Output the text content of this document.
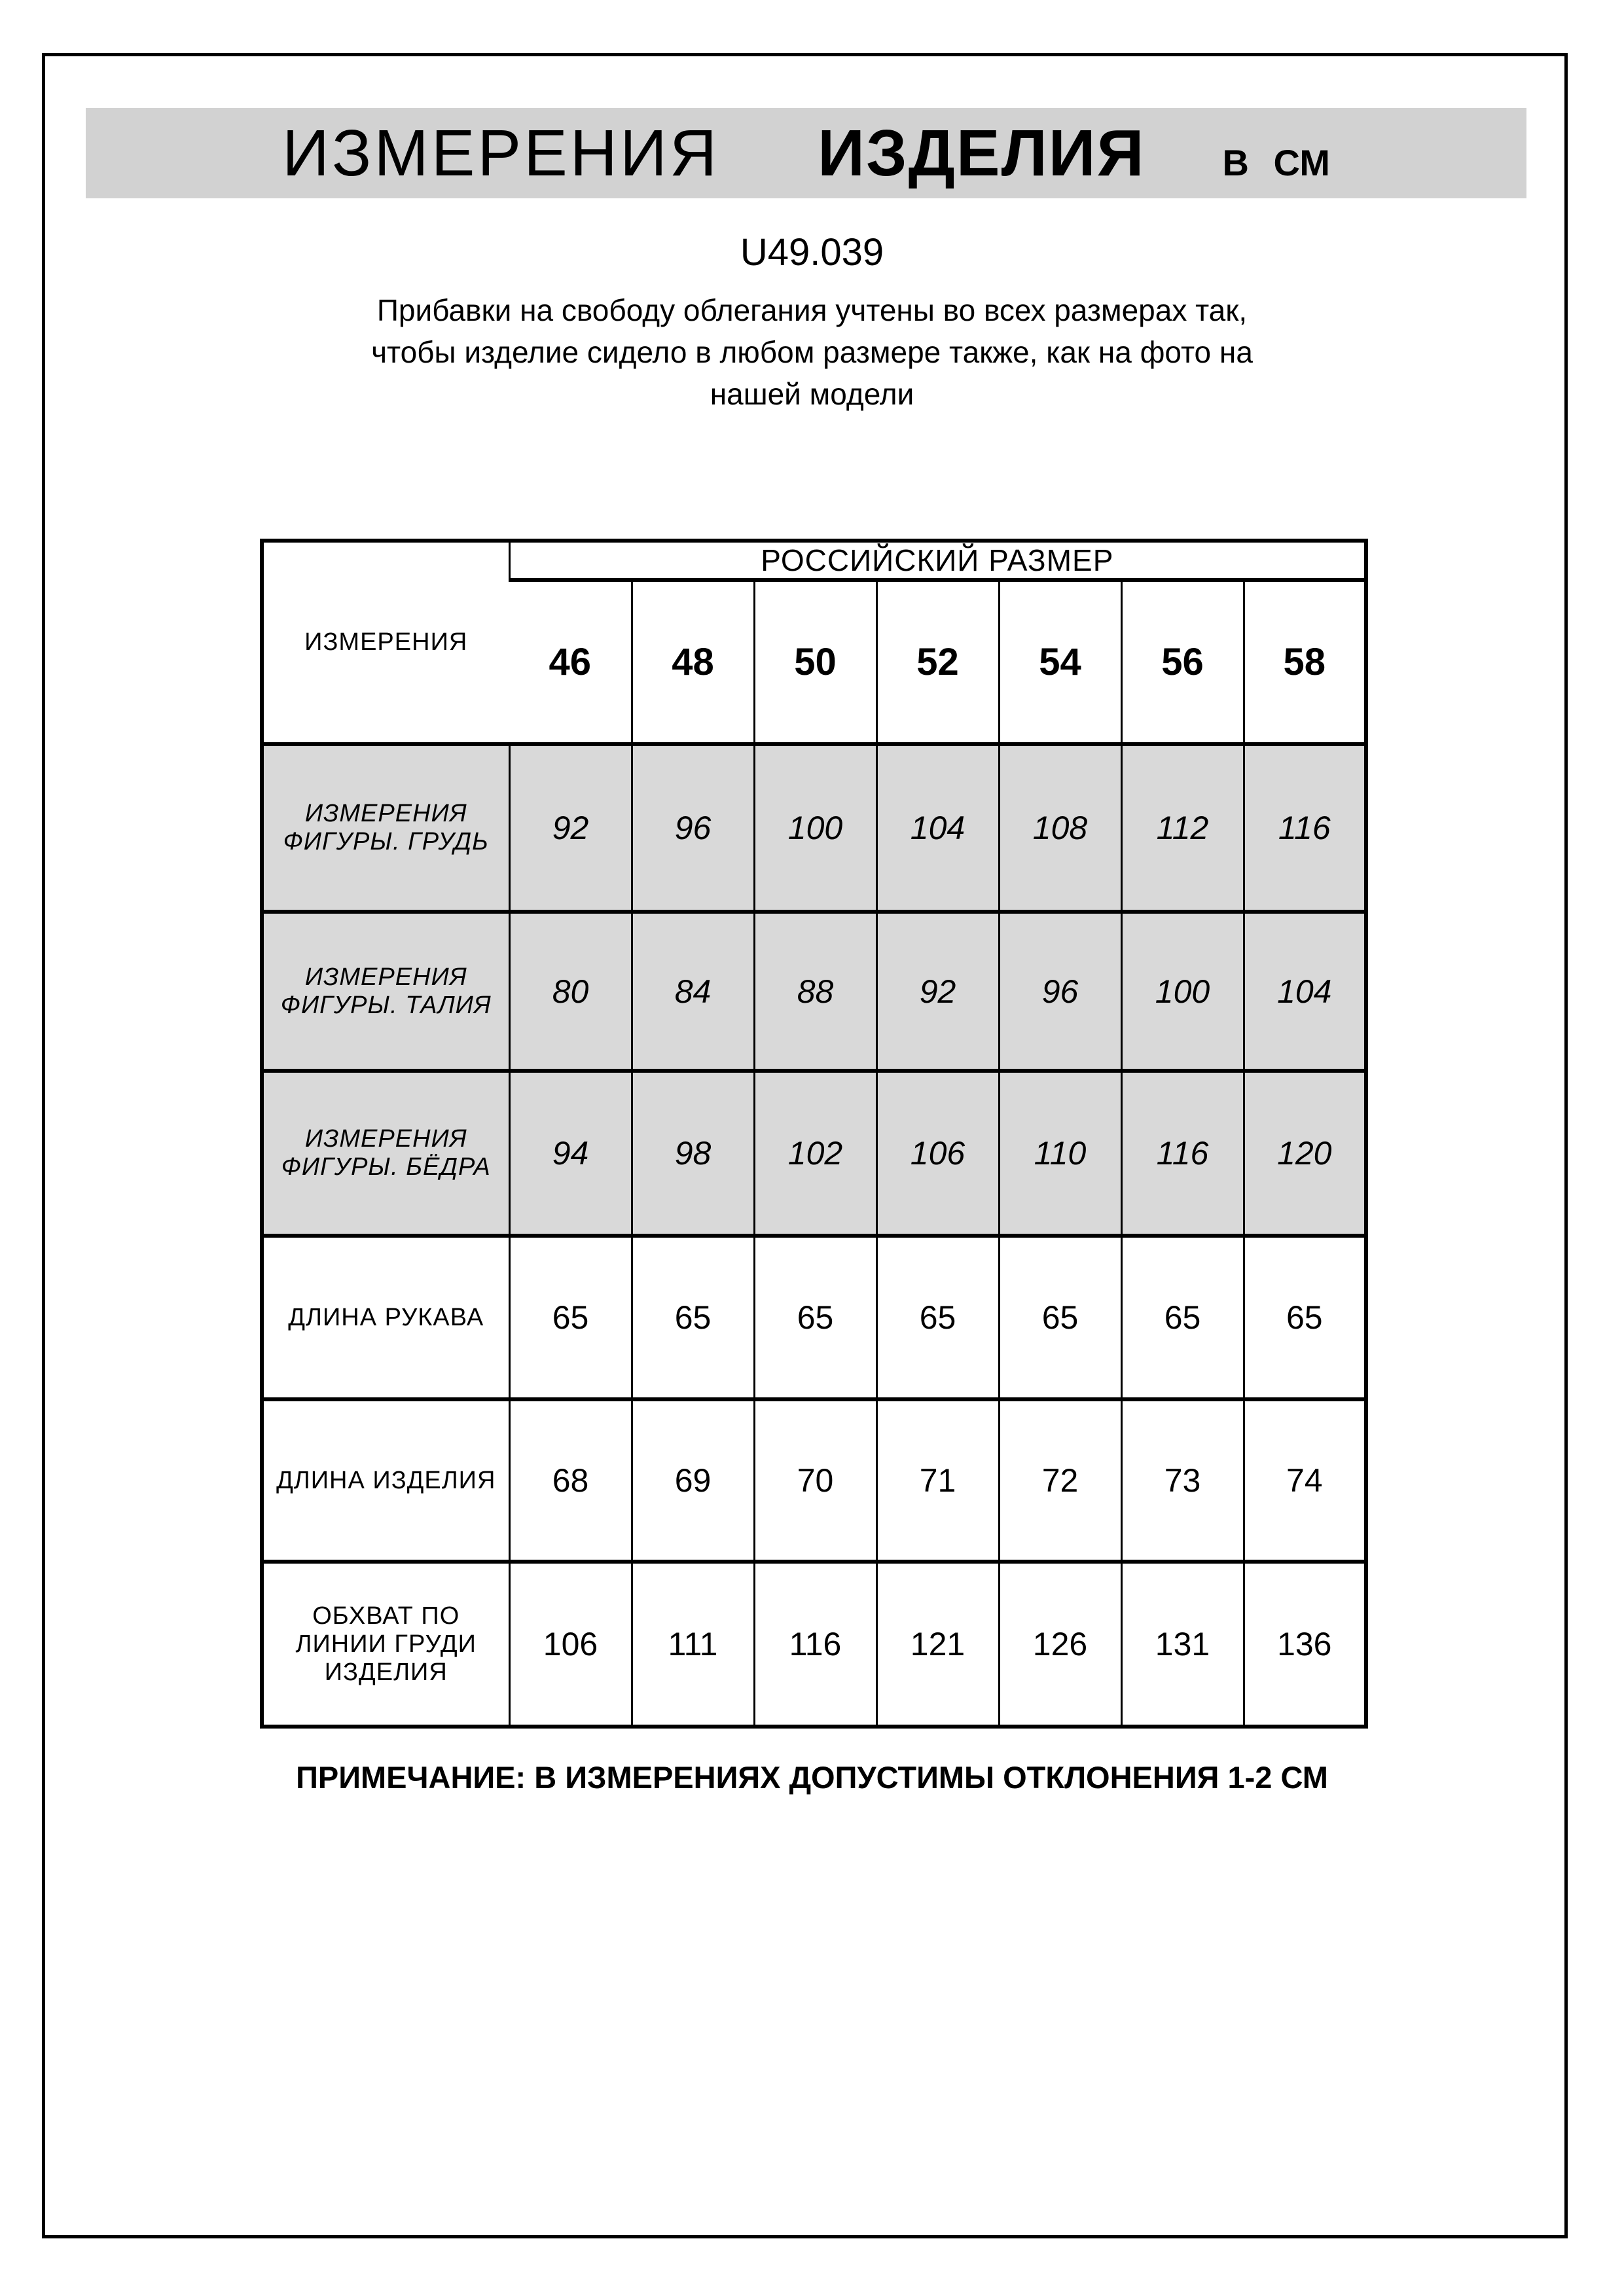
ИЗМЕРЕНИЯ ИЗДЕЛИЯ В СМ
U49.039
Прибавки на свободу облегания учтены во всех размерах так,
чтобы изделие сидело в любом размере также, как на фото на
нашей модели
ИЗМЕРЕНИЯ	РОССИЙСКИЙ РАЗМЕР						
	46	48	50	52	54	56	58
ИЗМЕРЕНИЯ ФИГУРЫ. ГРУДЬ	92	96	100	104	108	112	116
ИЗМЕРЕНИЯ ФИГУРЫ. ТАЛИЯ	80	84	88	92	96	100	104
ИЗМЕРЕНИЯ ФИГУРЫ. БЁДРА	94	98	102	106	110	116	120
ДЛИНА РУКАВА	65	65	65	65	65	65	65
ДЛИНА ИЗДЕЛИЯ	68	69	70	71	72	73	74
ОБХВАТ ПО ЛИНИИ ГРУДИ ИЗДЕЛИЯ	106	111	116	121	126	131	136
ПРИМЕЧАНИЕ: В ИЗМЕРЕНИЯХ ДОПУСТИМЫ ОТКЛОНЕНИЯ 1-2 СМ
